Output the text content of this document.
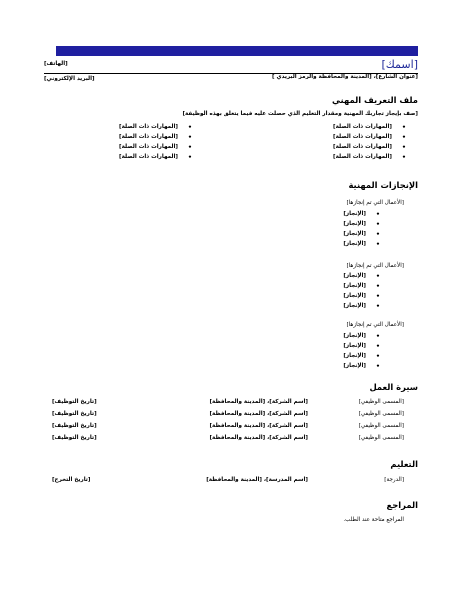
[اسمك]
[عنوان الشارع]، [المدينة والمحافظة والرمز البريدي ]
[الهاتف]
[البريد الإلكتروني]
ملف التعريف المهني
[صف بإيجاز تجاربك المهنية ومقدار التعليم الذي حصلت عليه فيما يتعلق بهذه الوظيفة]
• [المهارات ذات الصلة]
• [المهارات ذات الصلة]
• [المهارات ذات الصلة]
• [المهارات ذات الصلة]
• [المهارات ذات الصلة]
• [المهارات ذات الصلة]
• [المهارات ذات الصلة]
• [المهارات ذات الصلة]
الإنجازات المهنية
[الأعمال التي تم إنجازها]
• [الإنجاز]
• [الإنجاز]
• [الإنجاز]
• [الإنجاز]
[الأعمال التي تم إنجازها]
• [الإنجاز]
• [الإنجاز]
• [الإنجاز]
• [الإنجاز]
[الأعمال التي تم إنجازها]
• [الإنجاز]
• [الإنجاز]
• [الإنجاز]
• [الإنجاز]
سيرة العمل
[المسمى الوظيفي]
[اسم الشركة]، [المدينة والمحافظة]
[تاريخ التوظيف]
[المسمى الوظيفي]
[اسم الشركة]، [المدينة والمحافظة]
[تاريخ التوظيف]
[المسمى الوظيفي]
[اسم الشركة]، [المدينة والمحافظة]
[تاريخ التوظيف]
[المسمى الوظيفي]
[اسم الشركة]، [المدينة والمحافظة]
[تاريخ التوظيف]
التعليم
[الدرجة]
[اسم المدرسة]، [المدينة والمحافظة]
[تاريخ التخرج]
المراجع
المراجع متاحة عند الطلب.
